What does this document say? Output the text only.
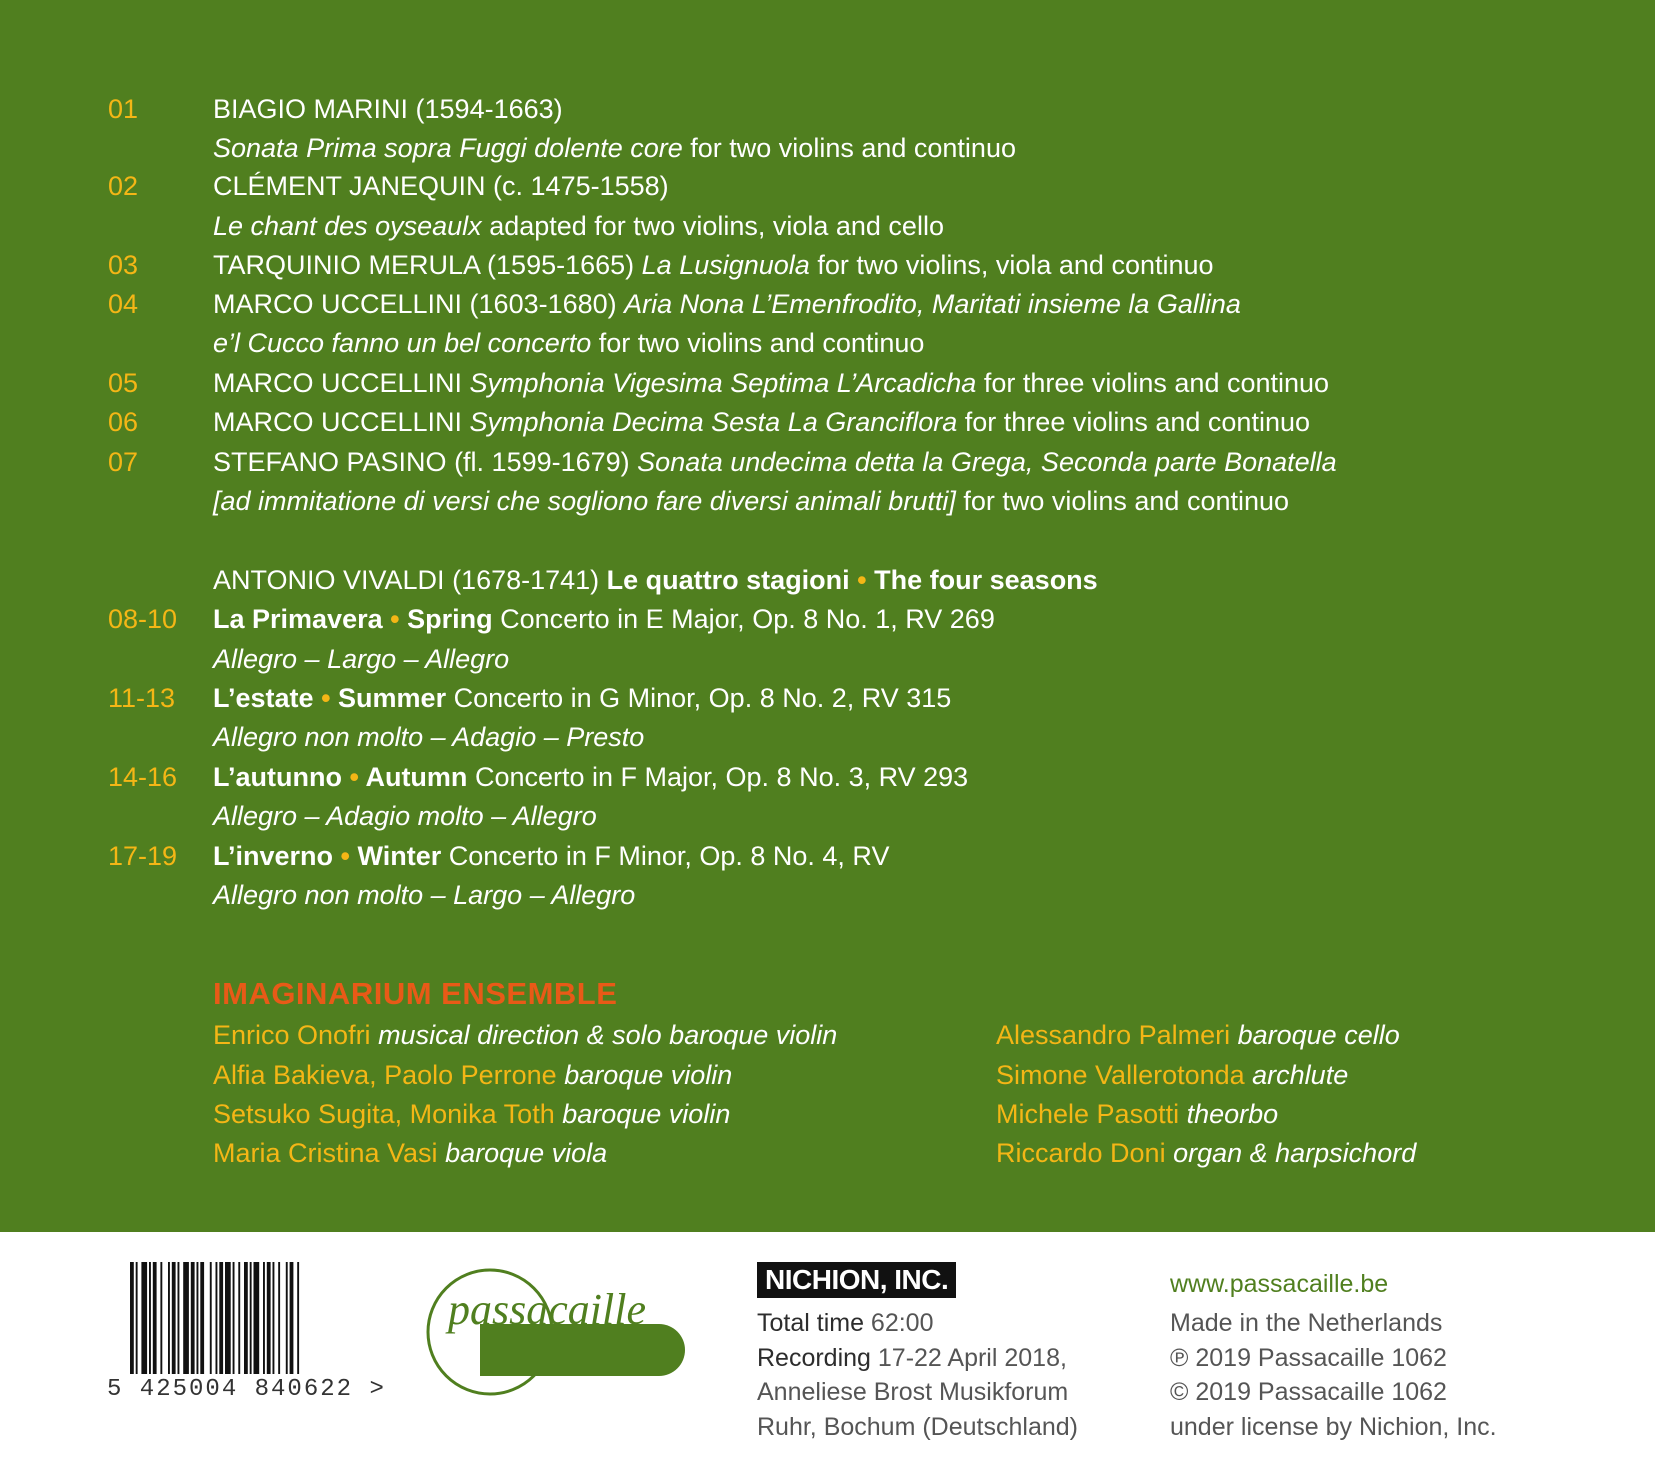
01	BIAGIO MARINI (1594-1663)
Sonata Prima sopra Fuggi dolente core for two violins and continuo
02	CLÉMENT JANEQUIN (c. 1475-1558)
Le chant des oyseaulx adapted for two violins, viola and cello
03	TARQUINIO MERULA (1595-1665) La Lusignuola for two violins, viola and continuo
04	MARCO UCCELLINI (1603-1680) Aria Nona L’Emenfrodito, Maritati insieme la Gallina
e’l Cucco fanno un bel concerto for two violins and continuo
05	MARCO UCCELLINI Symphonia Vigesima Septima L’Arcadicha for three violins and continuo
06	MARCO UCCELLINI Symphonia Decima Sesta La Granciflora for three violins and continuo
07	STEFANO PASINO (fl. 1599-1679) Sonata undecima detta la Grega, Seconda parte Bonatella
[ad immitatione di versi che sogliono fare diversi animali brutti] for two violins and continuo
ANTONIO VIVALDI (1678-1741) Le quattro stagioni • The four seasons
08-10 La Primavera • Spring Concerto in E Major, Op. 8 No. 1, RV 269
Allegro – Largo – Allegro
11-13 L’estate • Summer Concerto in G Minor, Op. 8 No. 2, RV 315
Allegro non molto – Adagio – Presto
14-16 L’autunno • Autumn Concerto in F Major, Op. 8 No. 3, RV 293
Allegro – Adagio molto – Allegro
17-19 L’inverno • Winter Concerto in F Minor, Op. 8 No. 4, RV
Allegro non molto – Largo – Allegro
IMAGINARIUM ENSEMBLE
Enrico Onofri musical direction & solo baroque violin
Alfia Bakieva, Paolo Perrone baroque violin
Setsuko Sugita, Monika Toth baroque violin
Maria Cristina Vasi baroque viola
Alessandro Palmeri baroque cello
Simone Vallerotonda archlute
Michele Pasotti theorbo
Riccardo Doni organ & harpsichord
5 425004 840622 >
passacaille
NICHION, INC.
Total time 62:00
Recording 17-22 April 2018,
Anneliese Brost Musikforum
Ruhr, Bochum (Deutschland)
www.passacaille.be
Made in the Netherlands
℗ 2019 Passacaille 1062
© 2019 Passacaille 1062
under license by Nichion, Inc.
